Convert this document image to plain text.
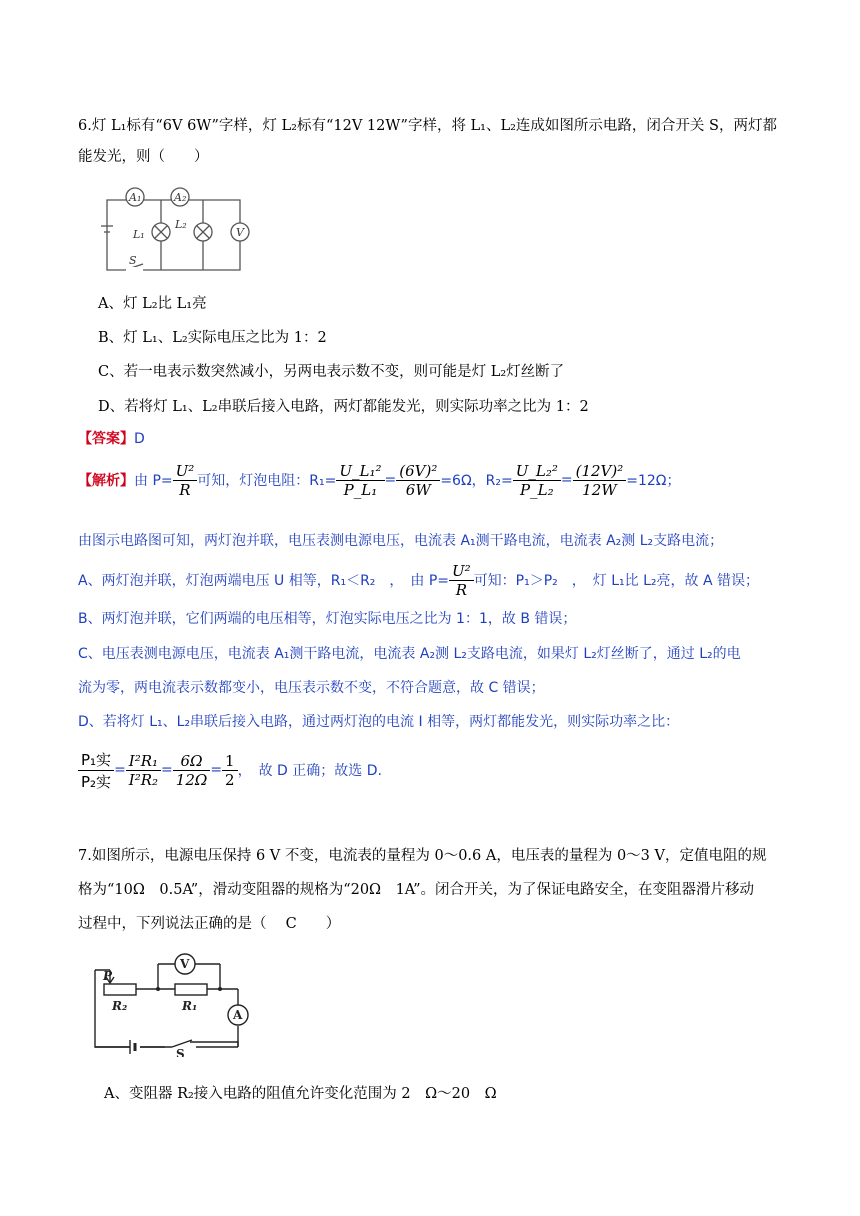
6.灯 L₁标有“6V 6W”字样，灯 L₂标有“12V 12W”字样，将 L₁、L₂连成如图所示电路，闭合开关 S，两灯都
能发光，则（　　）
A₁	A₂
L₁
L₂
V
S
A、灯 L₂比 L₁亮
B、灯 L₁、L₂实际电压之比为 1：2
C、若一电表示数突然减小，另两电表示数不变，则可能是灯 L₂灯丝断了
D、若将灯 L₁、L₂串联后接入电路，两灯都能发光，则实际功率之比为 1：2
【答案】D
【解析】 由 $P= \frac{\text{U²}}{R}$ 可知，灯泡电阻：$R_1= \frac{\text{U\_L₁²}}{\text{P\_L₁}} = \frac{\text{(6V)²}}{6W} =6\Omega$，$R_2= \frac{\text{U\_L₂²}}{\text{P\_L₂}} = \frac{\text{(12V)²}}{12W} =12\Omega$；
由图示电路图可知，两灯泡并联，电压表测电源电压，电流表 A₁测干路电流，电流表 A₂测 L₂支路电流；
A、两灯泡并联，灯泡两端电压 U 相等，R₁＜R₂　，　由 $P= \frac{\text{U²}}{R}$ 可知：P₁＞P₂　，　灯 L₁比 L₂亮，故 A 错误；
B、两灯泡并联，它们两端的电压相等，灯泡实际电压之比为 1：1，故 B 错误；
C、电压表测电源电压，电流表 A₁测干路电流，电流表 A₂测 L₂支路电流，如果灯 L₂灯丝断了，通过 L₂的电
流为零，两电流表示数都变小，电压表示数不变，不符合题意，故 C 错误；
D、若将灯 L₁、L₂串联后接入电路，通过两灯泡的电流 I 相等，两灯都能发光，则实际功率之比：
$\frac{\text{P₁实}}{\text{P₂实}} = \frac{\text{I²R₁}}{\text{I²R₂}} = \frac{6\Omega}{12\Omega} = \frac{1}{2}$ ，　故 D 正确；故选 D.
7.如图所示，电源电压保持 6 V 不变，电流表的量程为 0～0.6 A，电压表的量程为 0～3 V，定值电阻的规
格为“10Ω　0.5A”，滑动变阻器的规格为“20Ω　1A”。闭合开关，为了保证电路安全，在变阻器滑片移动
过程中，下列说法正确的是（　 C　　）
P
R₂	R₁
V
A
S
A、变阻器 R₂接入电路的阻值允许变化范围为 2　Ω～20　Ω
